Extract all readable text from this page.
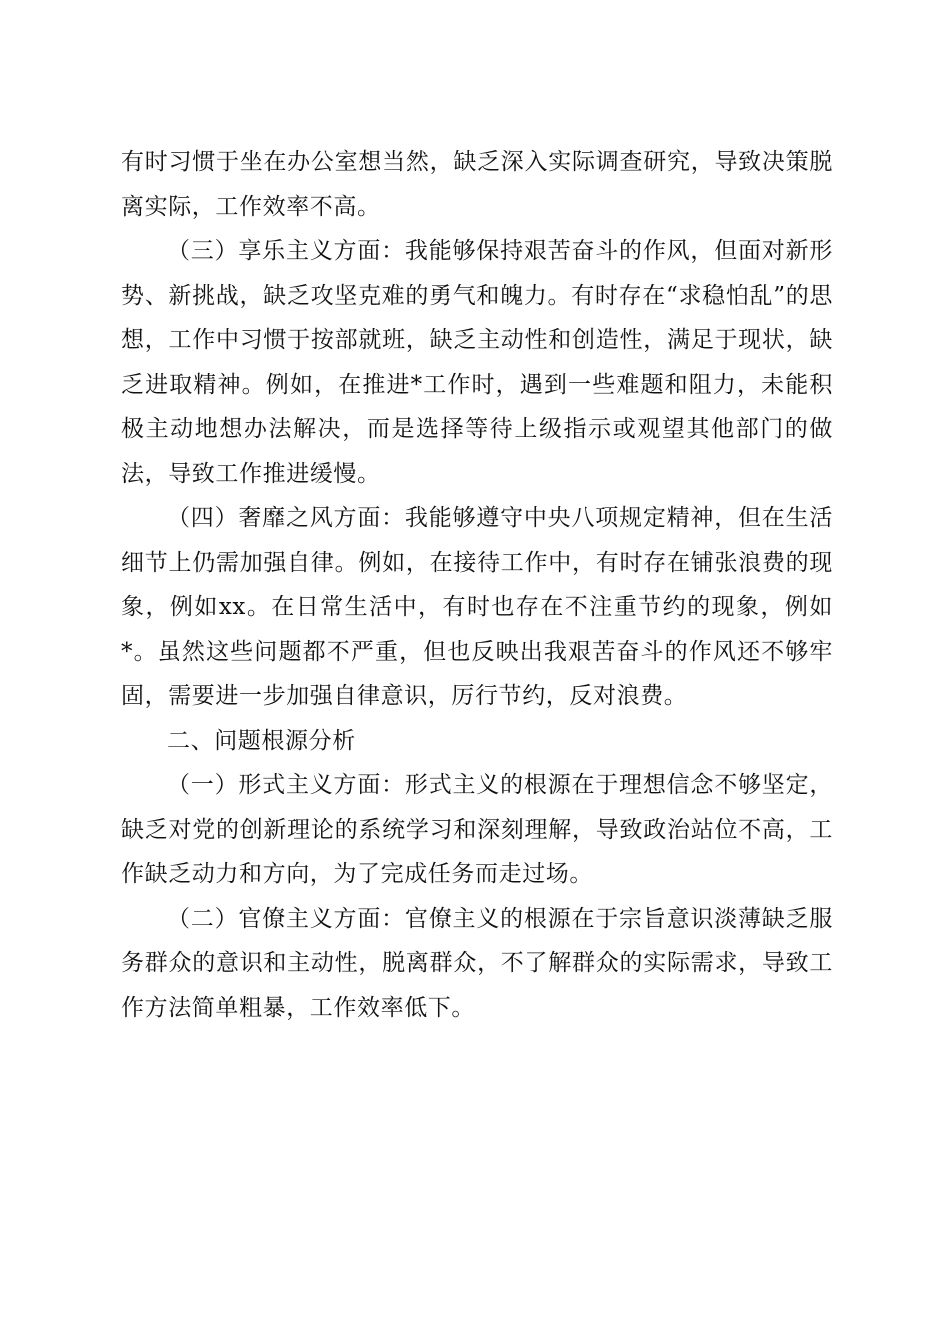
有时习惯于坐在办公室想当然，缺乏深入实际调查研究，导致决策脱离实际，工作效率不高。

（三）享乐主义方面：我能够保持艰苦奋斗的作风，但面对新形势、新挑战，缺乏攻坚克难的勇气和魄力。有时存在“求稳怕乱”的思想，工作中习惯于按部就班，缺乏主动性和创造性，满足于现状，缺乏进取精神。例如，在推进*工作时，遇到一些难题和阻力，未能积极主动地想办法解决，而是选择等待上级指示或观望其他部门的做法，导致工作推进缓慢。

（四）奢靡之风方面：我能够遵守中央八项规定精神，但在生活细节上仍需加强自律。例如，在接待工作中，有时存在铺张浪费的现象，例如xx。在日常生活中，有时也存在不注重节约的现象，例如*。虽然这些问题都不严重，但也反映出我艰苦奋斗的作风还不够牢固，需要进一步加强自律意识，厉行节约，反对浪费。

二、问题根源分析

（一）形式主义方面：形式主义的根源在于理想信念不够坚定，缺乏对党的创新理论的系统学习和深刻理解，导致政治站位不高，工作缺乏动力和方向，为了完成任务而走过场。

（二）官僚主义方面：官僚主义的根源在于宗旨意识淡薄缺乏服务群众的意识和主动性，脱离群众，不了解群众的实际需求，导致工作方法简单粗暴，工作效率低下。
